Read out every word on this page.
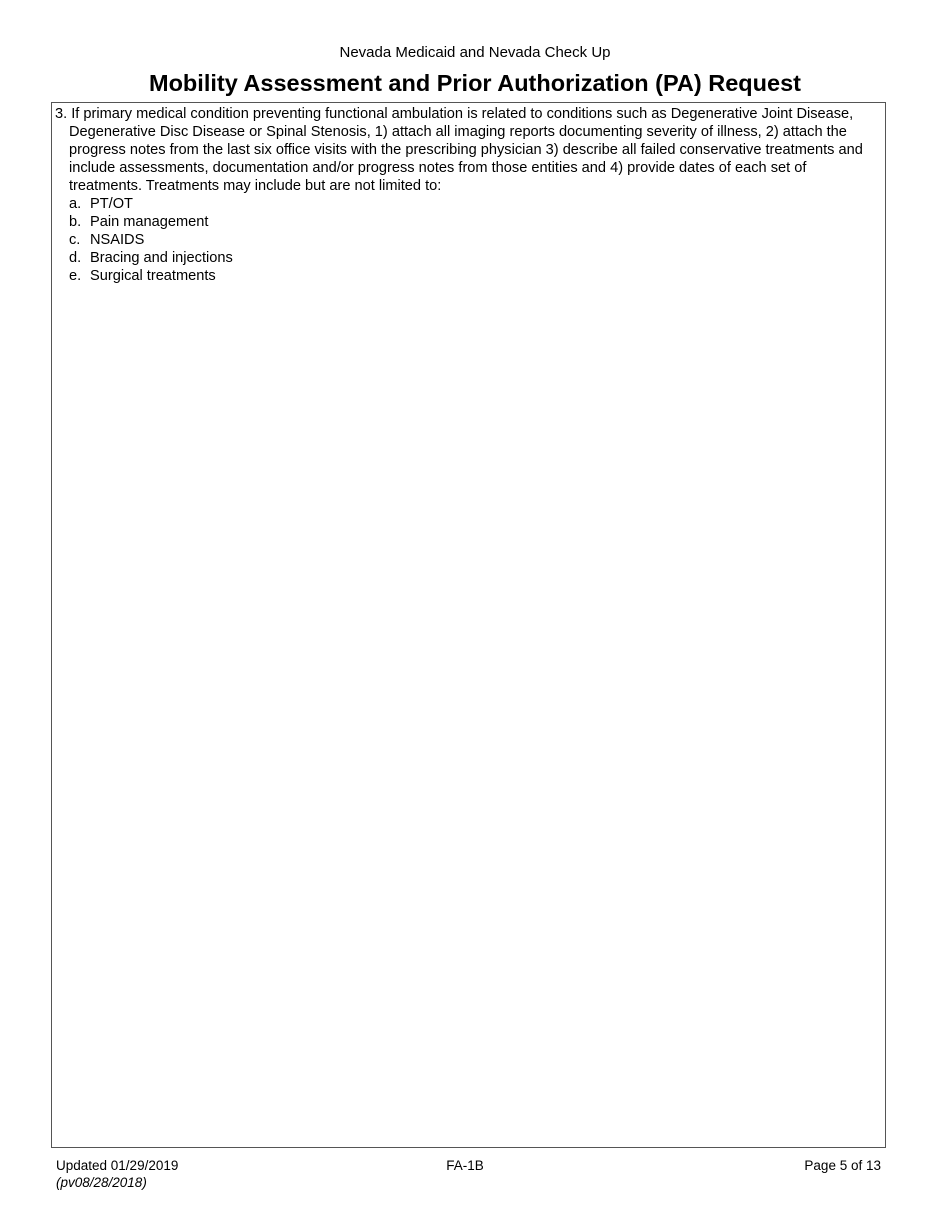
Nevada Medicaid and Nevada Check Up
Mobility Assessment and Prior Authorization (PA) Request

3. If primary medical condition preventing functional ambulation is related to conditions such as Degenerative Joint Disease, Degenerative Disc Disease or Spinal Stenosis, 1) attach all imaging reports documenting severity of illness, 2) attach the progress notes from the last six office visits with the prescribing physician 3) describe all failed conservative treatments and include assessments, documentation and/or progress notes from those entities and 4) provide dates of each set of treatments. Treatments may include but are not limited to:

a. PT/OT
b. Pain management
c. NSAIDS
d. Bracing and injections
e. Surgical treatments
Updated 01/29/2019
(pv08/28/2018)
FA-1B	Page 5 of 13
